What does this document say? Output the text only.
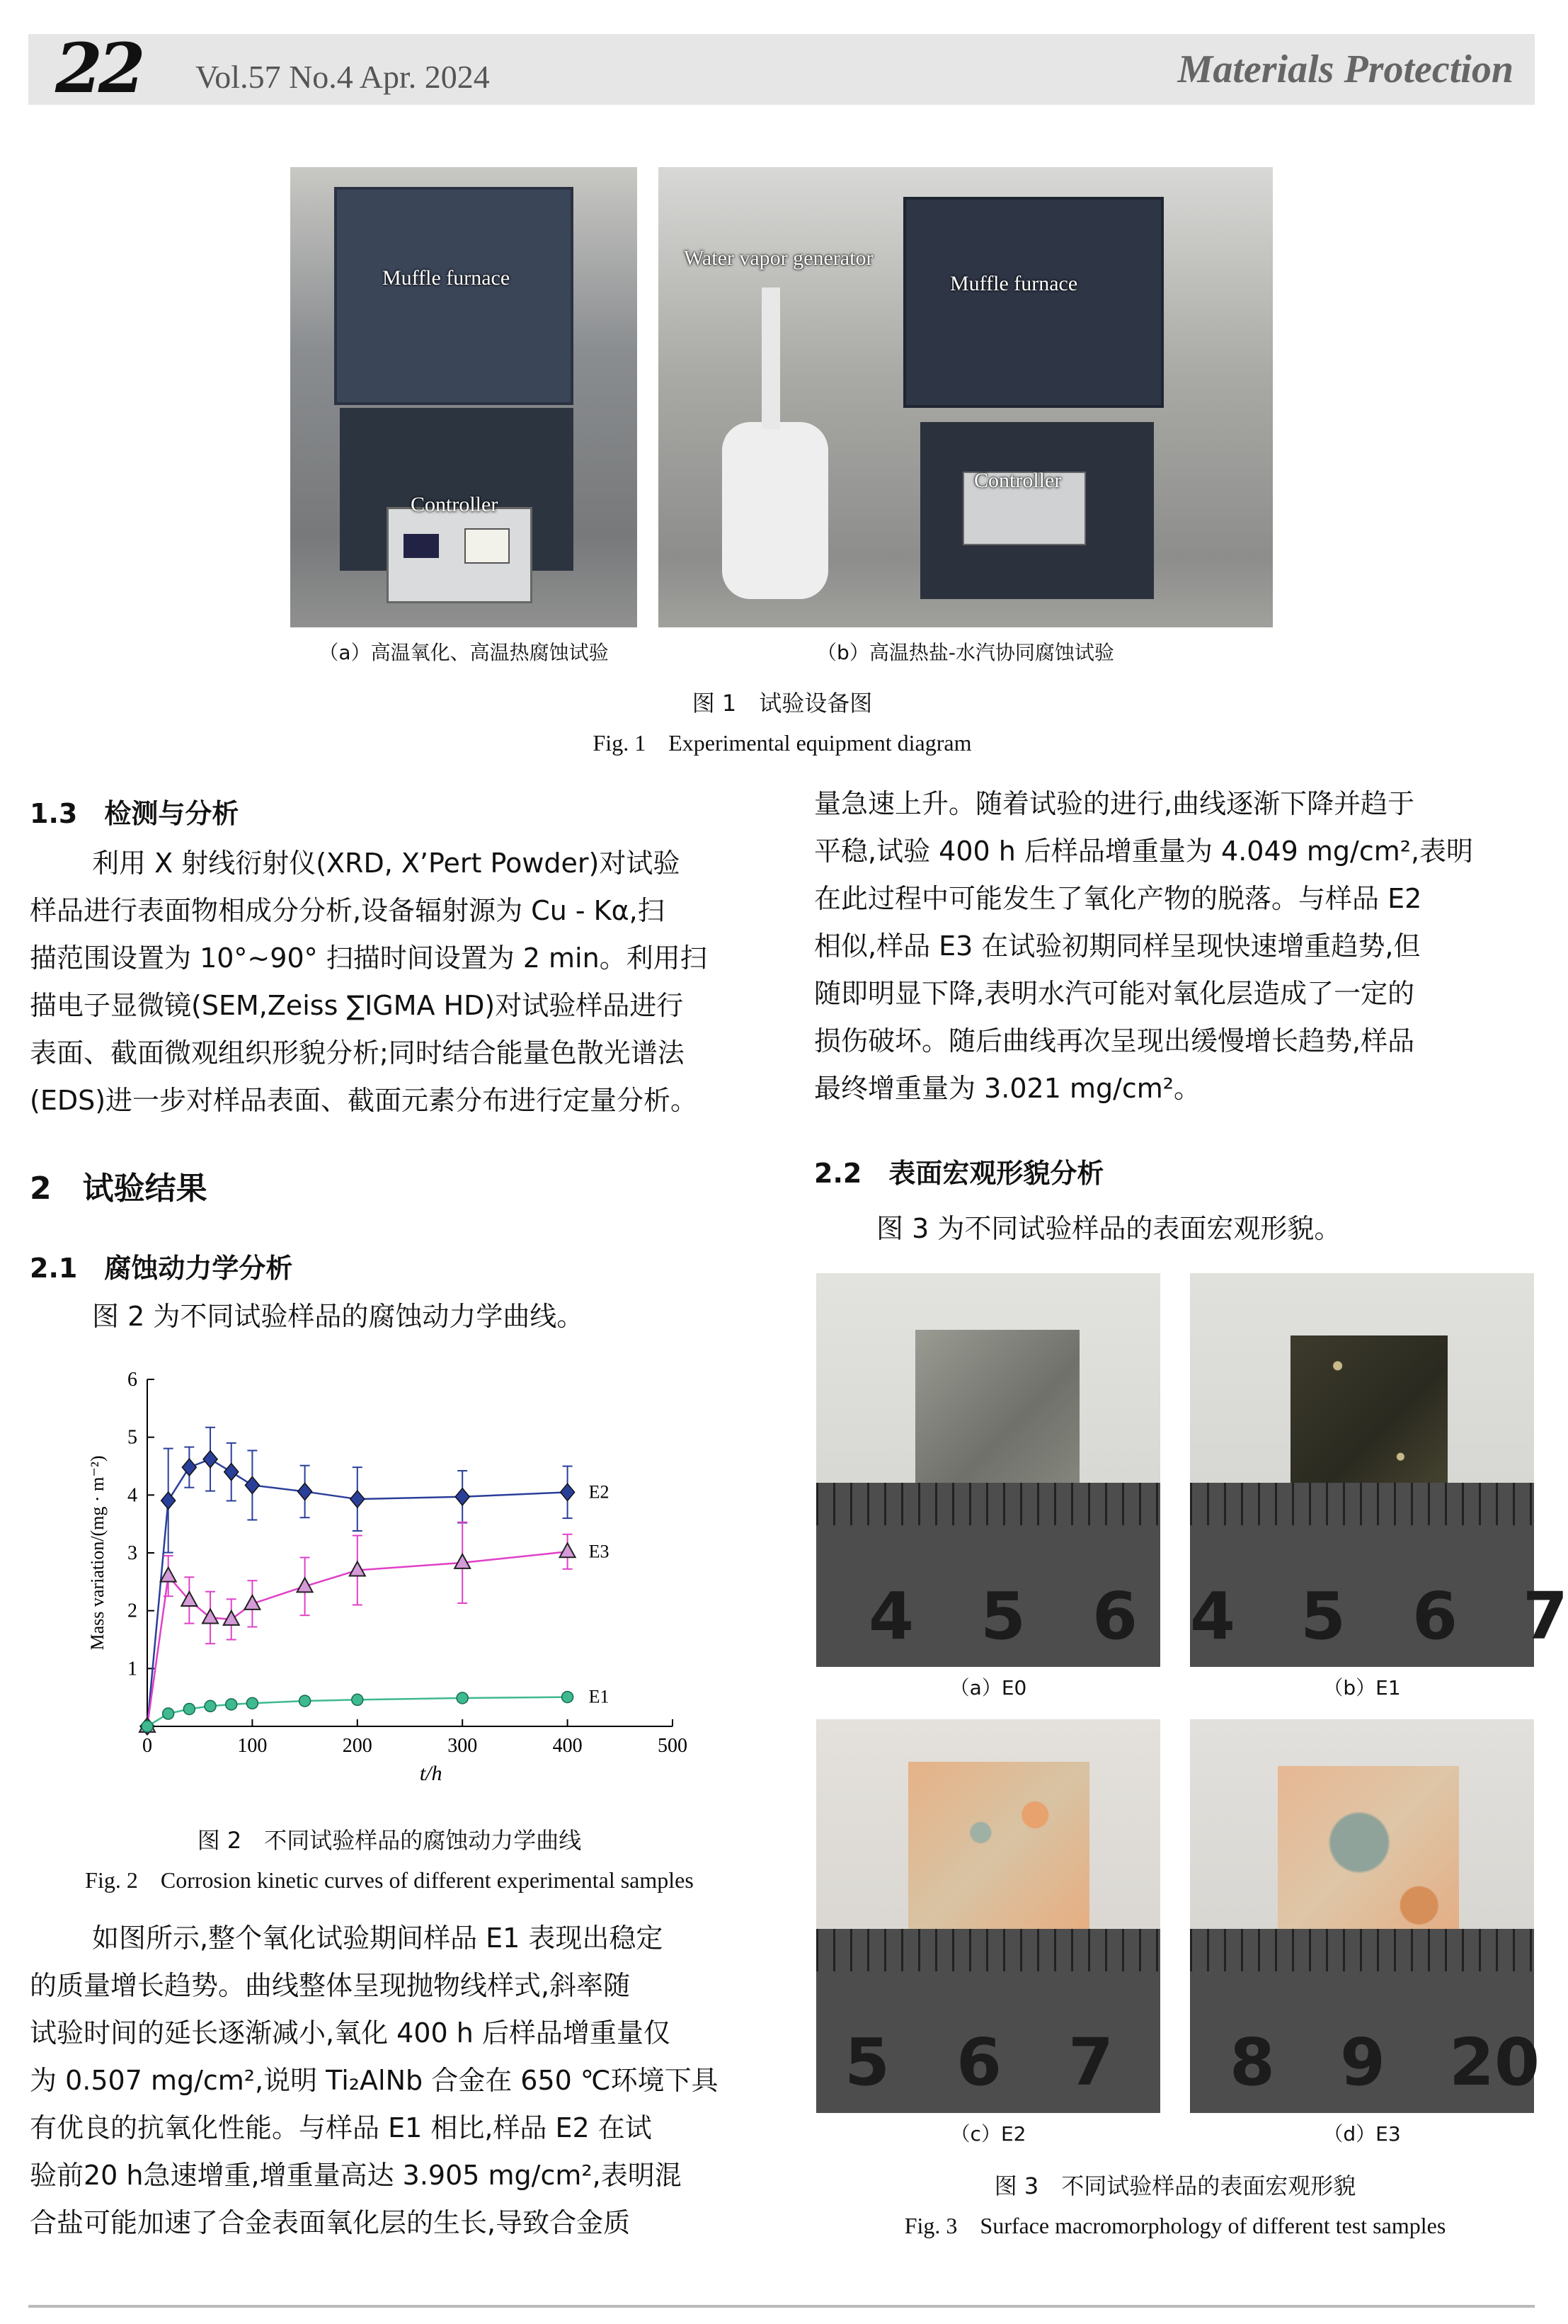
22 Vol.57 No.4 Apr. 2024	Materials Protection
Muffle furnace
Controller
Water vapor generator
Muffle furnace
Controller
（a）高温氧化、高温热腐蚀试验	（b）高温热盐-水汽协同腐蚀试验
图 1　试验设备图
Fig. 1　Experimental equipment diagram
1.3　检测与分析
利用 X 射线衍射仪(XRD, X’Pert Powder)对试验
样品进行表面物相成分分析,设备辐射源为 Cu - Kα,扫
描范围设置为 10°~90° 扫描时间设置为 2 min。利用扫
描电子显微镜(SEM,Zeiss ∑IGMA HD)对试验样品进行
表面、截面微观组织形貌分析;同时结合能量色散光谱法
(EDS)进一步对样品表面、截面元素分布进行定量分析。
2　试验结果
2.1　腐蚀动力学分析
图 2 为不同试验样品的腐蚀动力学曲线。
0	100	200	300	400	500
1
2
3
4
5
6
t/h
Mass variation/(mg · m⁻²)	E2
E3
E1
图 2　不同试验样品的腐蚀动力学曲线
Fig. 2　Corrosion kinetic curves of different experimental samples
如图所示,整个氧化试验期间样品 E1 表现出稳定
的质量增长趋势。曲线整体呈现抛物线样式,斜率随
试验时间的延长逐渐减小,氧化 400 h 后样品增重量仅
为 0.507 mg/cm²,说明 Ti₂AlNb 合金在 650 ℃环境下具
有优良的抗氧化性能。与样品 E1 相比,样品 E2 在试
验前20 h急速增重,增重量高达 3.905 mg/cm²,表明混
合盐可能加速了合金表面氧化层的生长,导致合金质
量急速上升。随着试验的进行,曲线逐渐下降并趋于
平稳,试验 400 h 后样品增重量为 4.049 mg/cm²,表明
在此过程中可能发生了氧化产物的脱落。与样品 E2
相似,样品 E3 在试验初期同样呈现快速增重趋势,但
随即明显下降,表明水汽可能对氧化层造成了一定的
损伤破坏。随后曲线再次呈现出缓慢增长趋势,样品
最终增重量为 3.021 mg/cm²。
2.2　表面宏观形貌分析
图 3 为不同试验样品的表面宏观形貌。
4 5 6
（a）E0
4 5 6 7
（b）E1
5 6 7
（c）E2
8 9 20
（d）E3
图 3　不同试验样品的表面宏观形貌
Fig. 3　Surface macromorphology of different test samples
